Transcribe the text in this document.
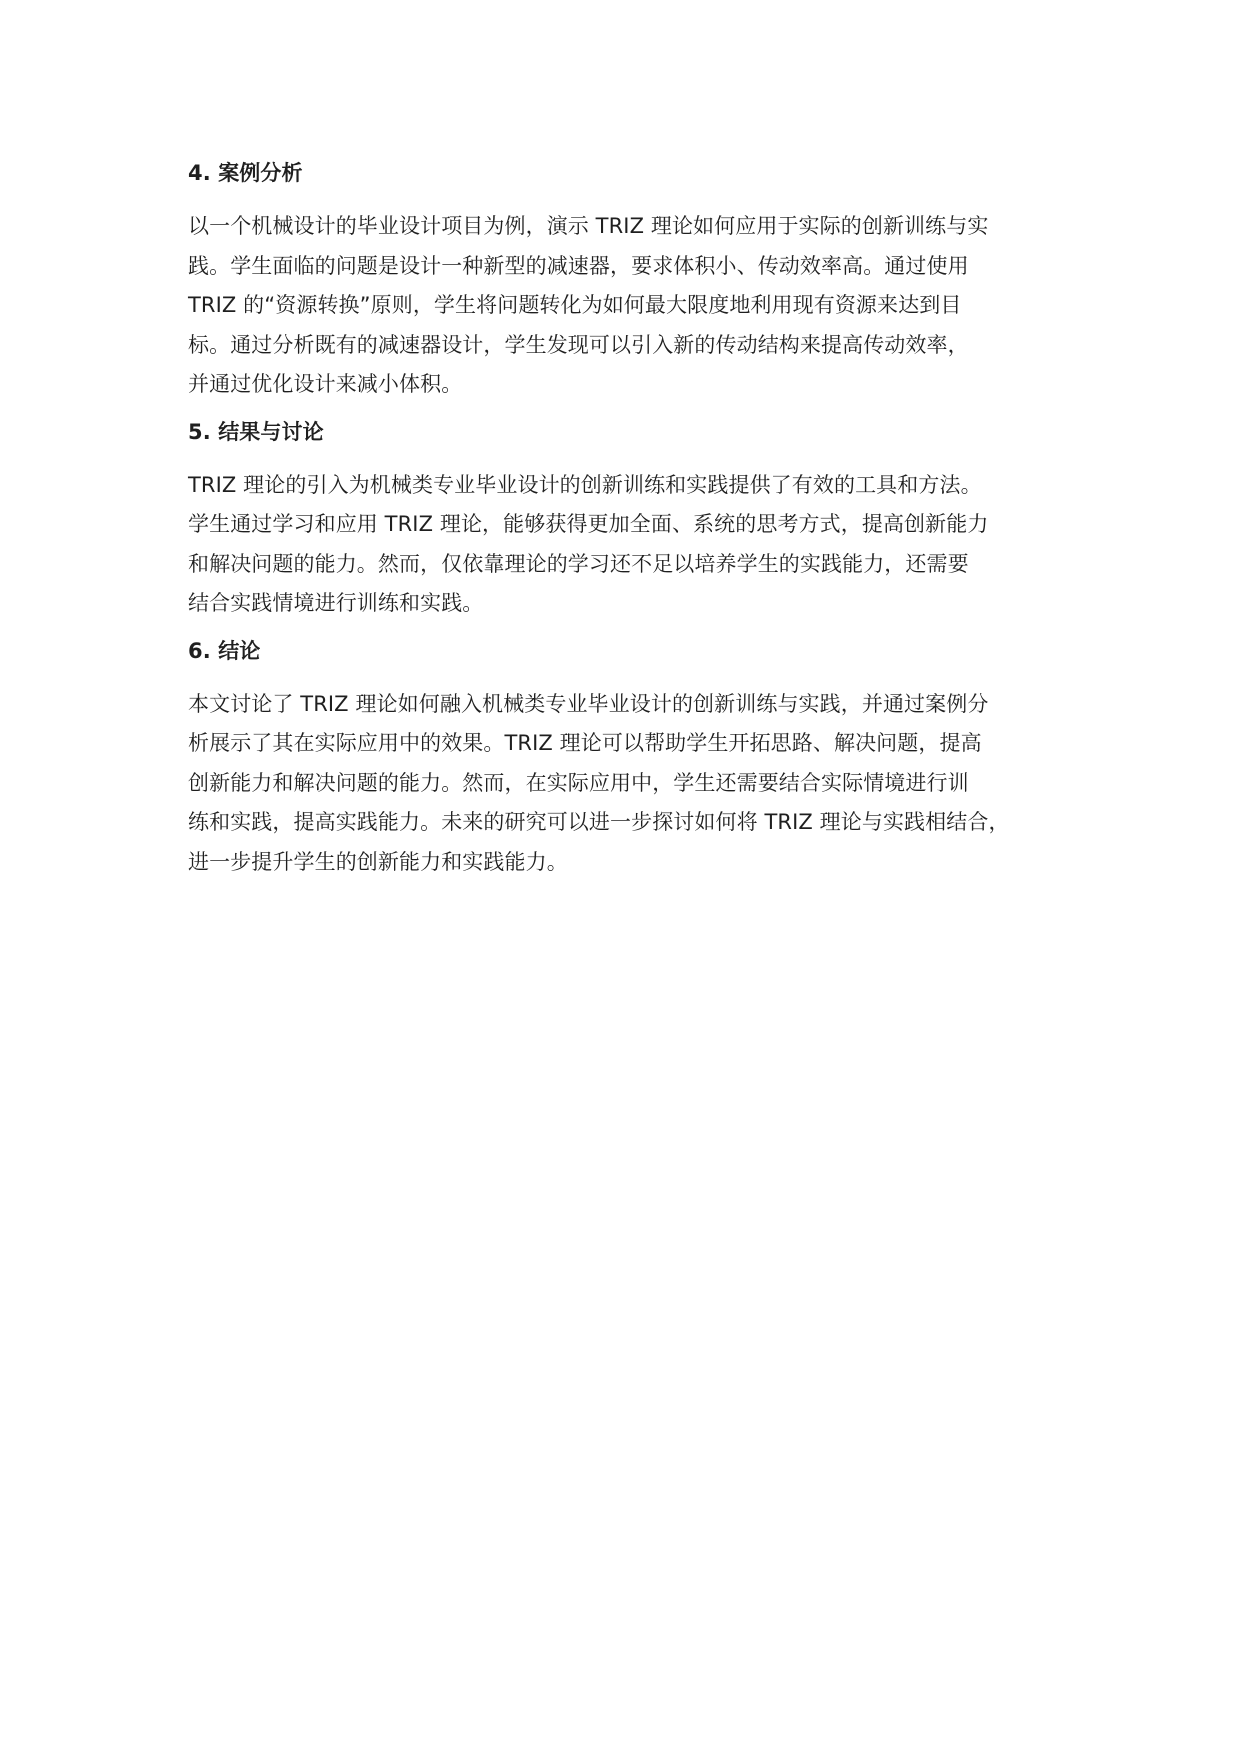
4. 案例分析

以一个机械设计的毕业设计项目为例，演示 TRIZ 理论如何应用于实际的创新训练与实
践。学生面临的问题是设计一种新型的减速器，要求体积小、传动效率高。通过使用
TRIZ 的“资源转换”原则，学生将问题转化为如何最大限度地利用现有资源来达到目
标。通过分析既有的减速器设计，学生发现可以引入新的传动结构来提高传动效率，
并通过优化设计来减小体积。

5. 结果与讨论

TRIZ 理论的引入为机械类专业毕业设计的创新训练和实践提供了有效的工具和方法。
学生通过学习和应用 TRIZ 理论，能够获得更加全面、系统的思考方式，提高创新能力
和解决问题的能力。然而，仅依靠理论的学习还不足以培养学生的实践能力，还需要
结合实践情境进行训练和实践。

6. 结论

本文讨论了 TRIZ 理论如何融入机械类专业毕业设计的创新训练与实践，并通过案例分
析展示了其在实际应用中的效果。TRIZ 理论可以帮助学生开拓思路、解决问题，提高
创新能力和解决问题的能力。然而，在实际应用中，学生还需要结合实际情境进行训
练和实践，提高实践能力。未来的研究可以进一步探讨如何将 TRIZ 理论与实践相结合，
进一步提升学生的创新能力和实践能力。
